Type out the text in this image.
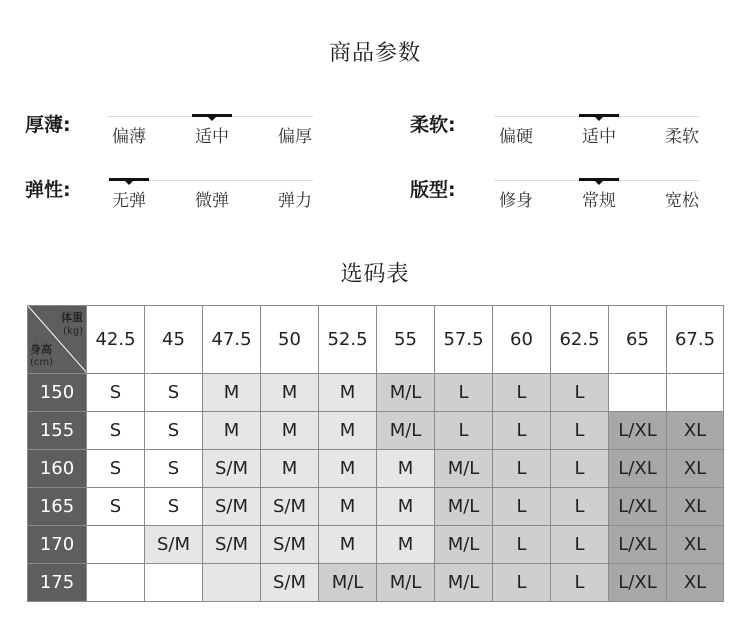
商品参数
厚薄:
偏薄	适中	偏厚
柔软:
偏硬	适中	柔软
弹性:	无弹	微弹	弹力	版型:	修身	常规	宽松
选码表
体重
(kg)
身高
(cm)	42.5	45	47.5	50	52.5	55	57.5	60	62.5	65	67.5
150	S	S	M	M	M	M/L	L	L	L		
155	S	S	M	M	M	M/L	L	L	L	L/XL	XL
160	S	S	S/M	M	M	M	M/L	L	L	L/XL	XL
165	S	S	S/M	S/M	M	M	M/L	L	L	L/XL	XL
170		S/M	S/M	S/M	M	M	M/L	L	L	L/XL	XL
175				S/M	M/L	M/L	M/L	L	L	L/XL	XL
